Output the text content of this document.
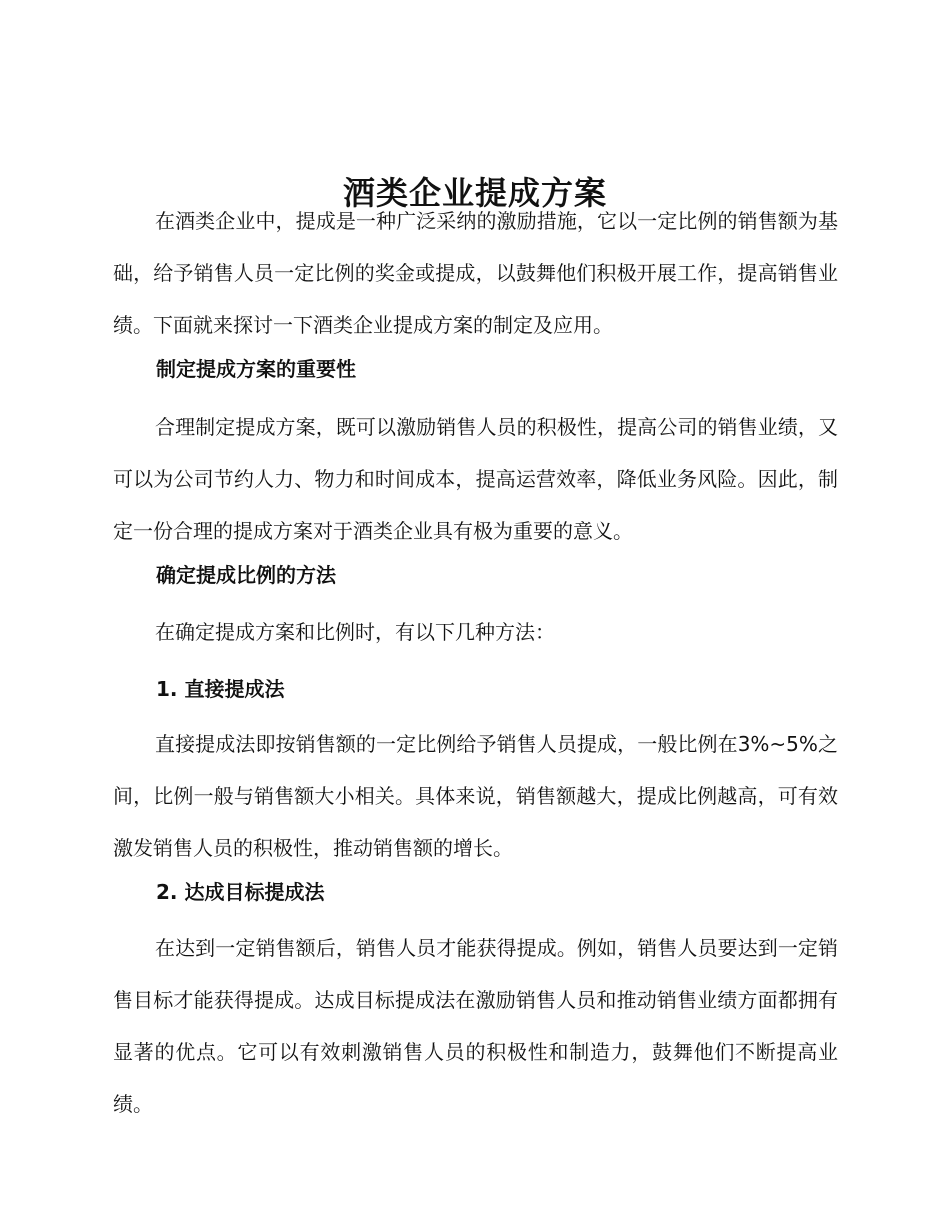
酒类企业提成方案

在酒类企业中，提成是一种广泛采纳的激励措施，它以一定比例的销售额为基础，给予销售人员一定比例的奖金或提成，以鼓舞他们积极开展工作，提高销售业绩。下面就来探讨一下酒类企业提成方案的制定及应用。

制定提成方案的重要性

合理制定提成方案，既可以激励销售人员的积极性，提高公司的销售业绩，又可以为公司节约人力、物力和时间成本，提高运营效率，降低业务风险。因此，制定一份合理的提成方案对于酒类企业具有极为重要的意义。

确定提成比例的方法

在确定提成方案和比例时，有以下几种方法：

1. 直接提成法

直接提成法即按销售额的一定比例给予销售人员提成，一般比例在3%~5%之间，比例一般与销售额大小相关。具体来说，销售额越大，提成比例越高，可有效激发销售人员的积极性，推动销售额的增长。

2. 达成目标提成法

在达到一定销售额后，销售人员才能获得提成。例如，销售人员要达到一定销售目标才能获得提成。达成目标提成法在激励销售人员和推动销售业绩方面都拥有显著的优点。它可以有效刺激销售人员的积极性和制造力，鼓舞他们不断提高业绩。
